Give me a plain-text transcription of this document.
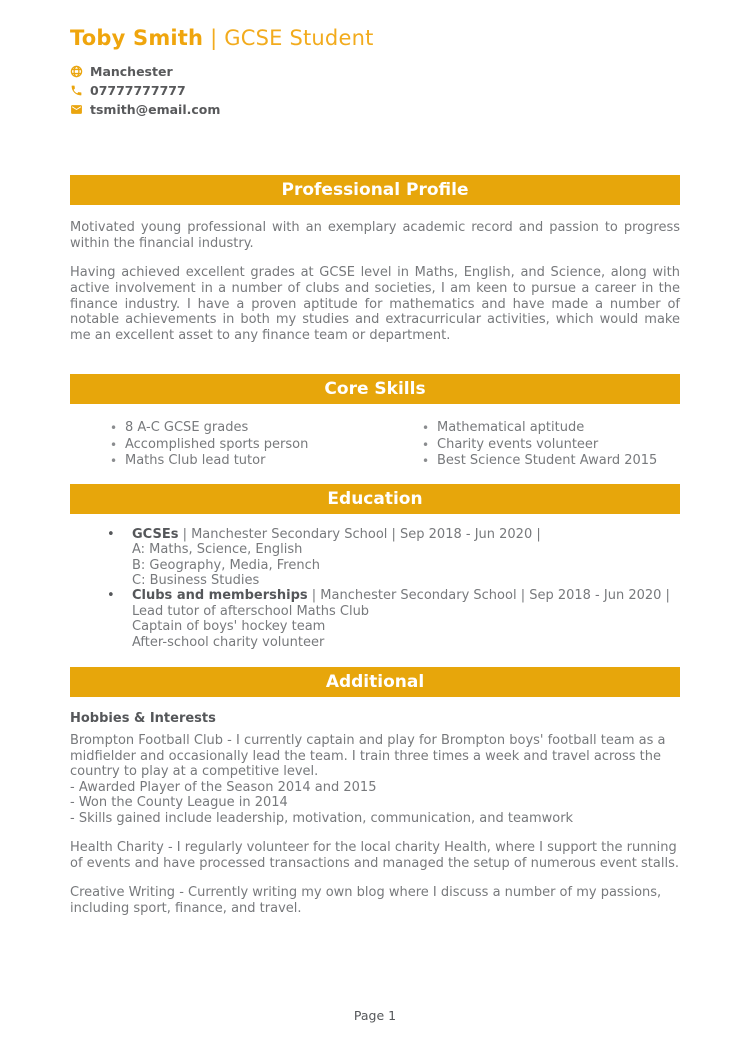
Toby Smith | GCSE Student
Manchester
07777777777
tsmith@email.com
Professional Profile

Motivated young professional with an exemplary academic record and passion to progress within the financial industry.

Having achieved excellent grades at GCSE level in Maths, English, and Science, along with active involvement in a number of clubs and societies, I am keen to pursue a career in the finance industry. I have a proven aptitude for mathematics and have made a number of notable achievements in both my studies and extracurricular activities, which would make me an excellent asset to any finance team or department.

Core Skills
• 8 A-C GCSE grades
• Accomplished sports person
• Maths Club lead tutor
• Mathematical aptitude
• Charity events volunteer
• Best Science Student Award 2015
Education
• GCSEs | Manchester Secondary School | Sep 2018 - Jun 2020 |
A: Maths, Science, English
B: Geography, Media, French
C: Business Studies
• Clubs and memberships | Manchester Secondary School | Sep 2018 - Jun 2020 |
Lead tutor of afterschool Maths Club
Captain of boys' hockey team
After-school charity volunteer
Additional
Hobbies & Interests

Brompton Football Club - I currently captain and play for Brompton boys' football team as a midfielder and occasionally lead the team. I train three times a week and travel across the country to play at a competitive level.

- Awarded Player of the Season 2014 and 2015
- Won the County League in 2014
- Skills gained include leadership, motivation, communication, and teamwork

Health Charity - I regularly volunteer for the local charity Health, where I support the running of events and have processed transactions and managed the setup of numerous event stalls.

Creative Writing - Currently writing my own blog where I discuss a number of my passions, including sport, finance, and travel.

Page 1
